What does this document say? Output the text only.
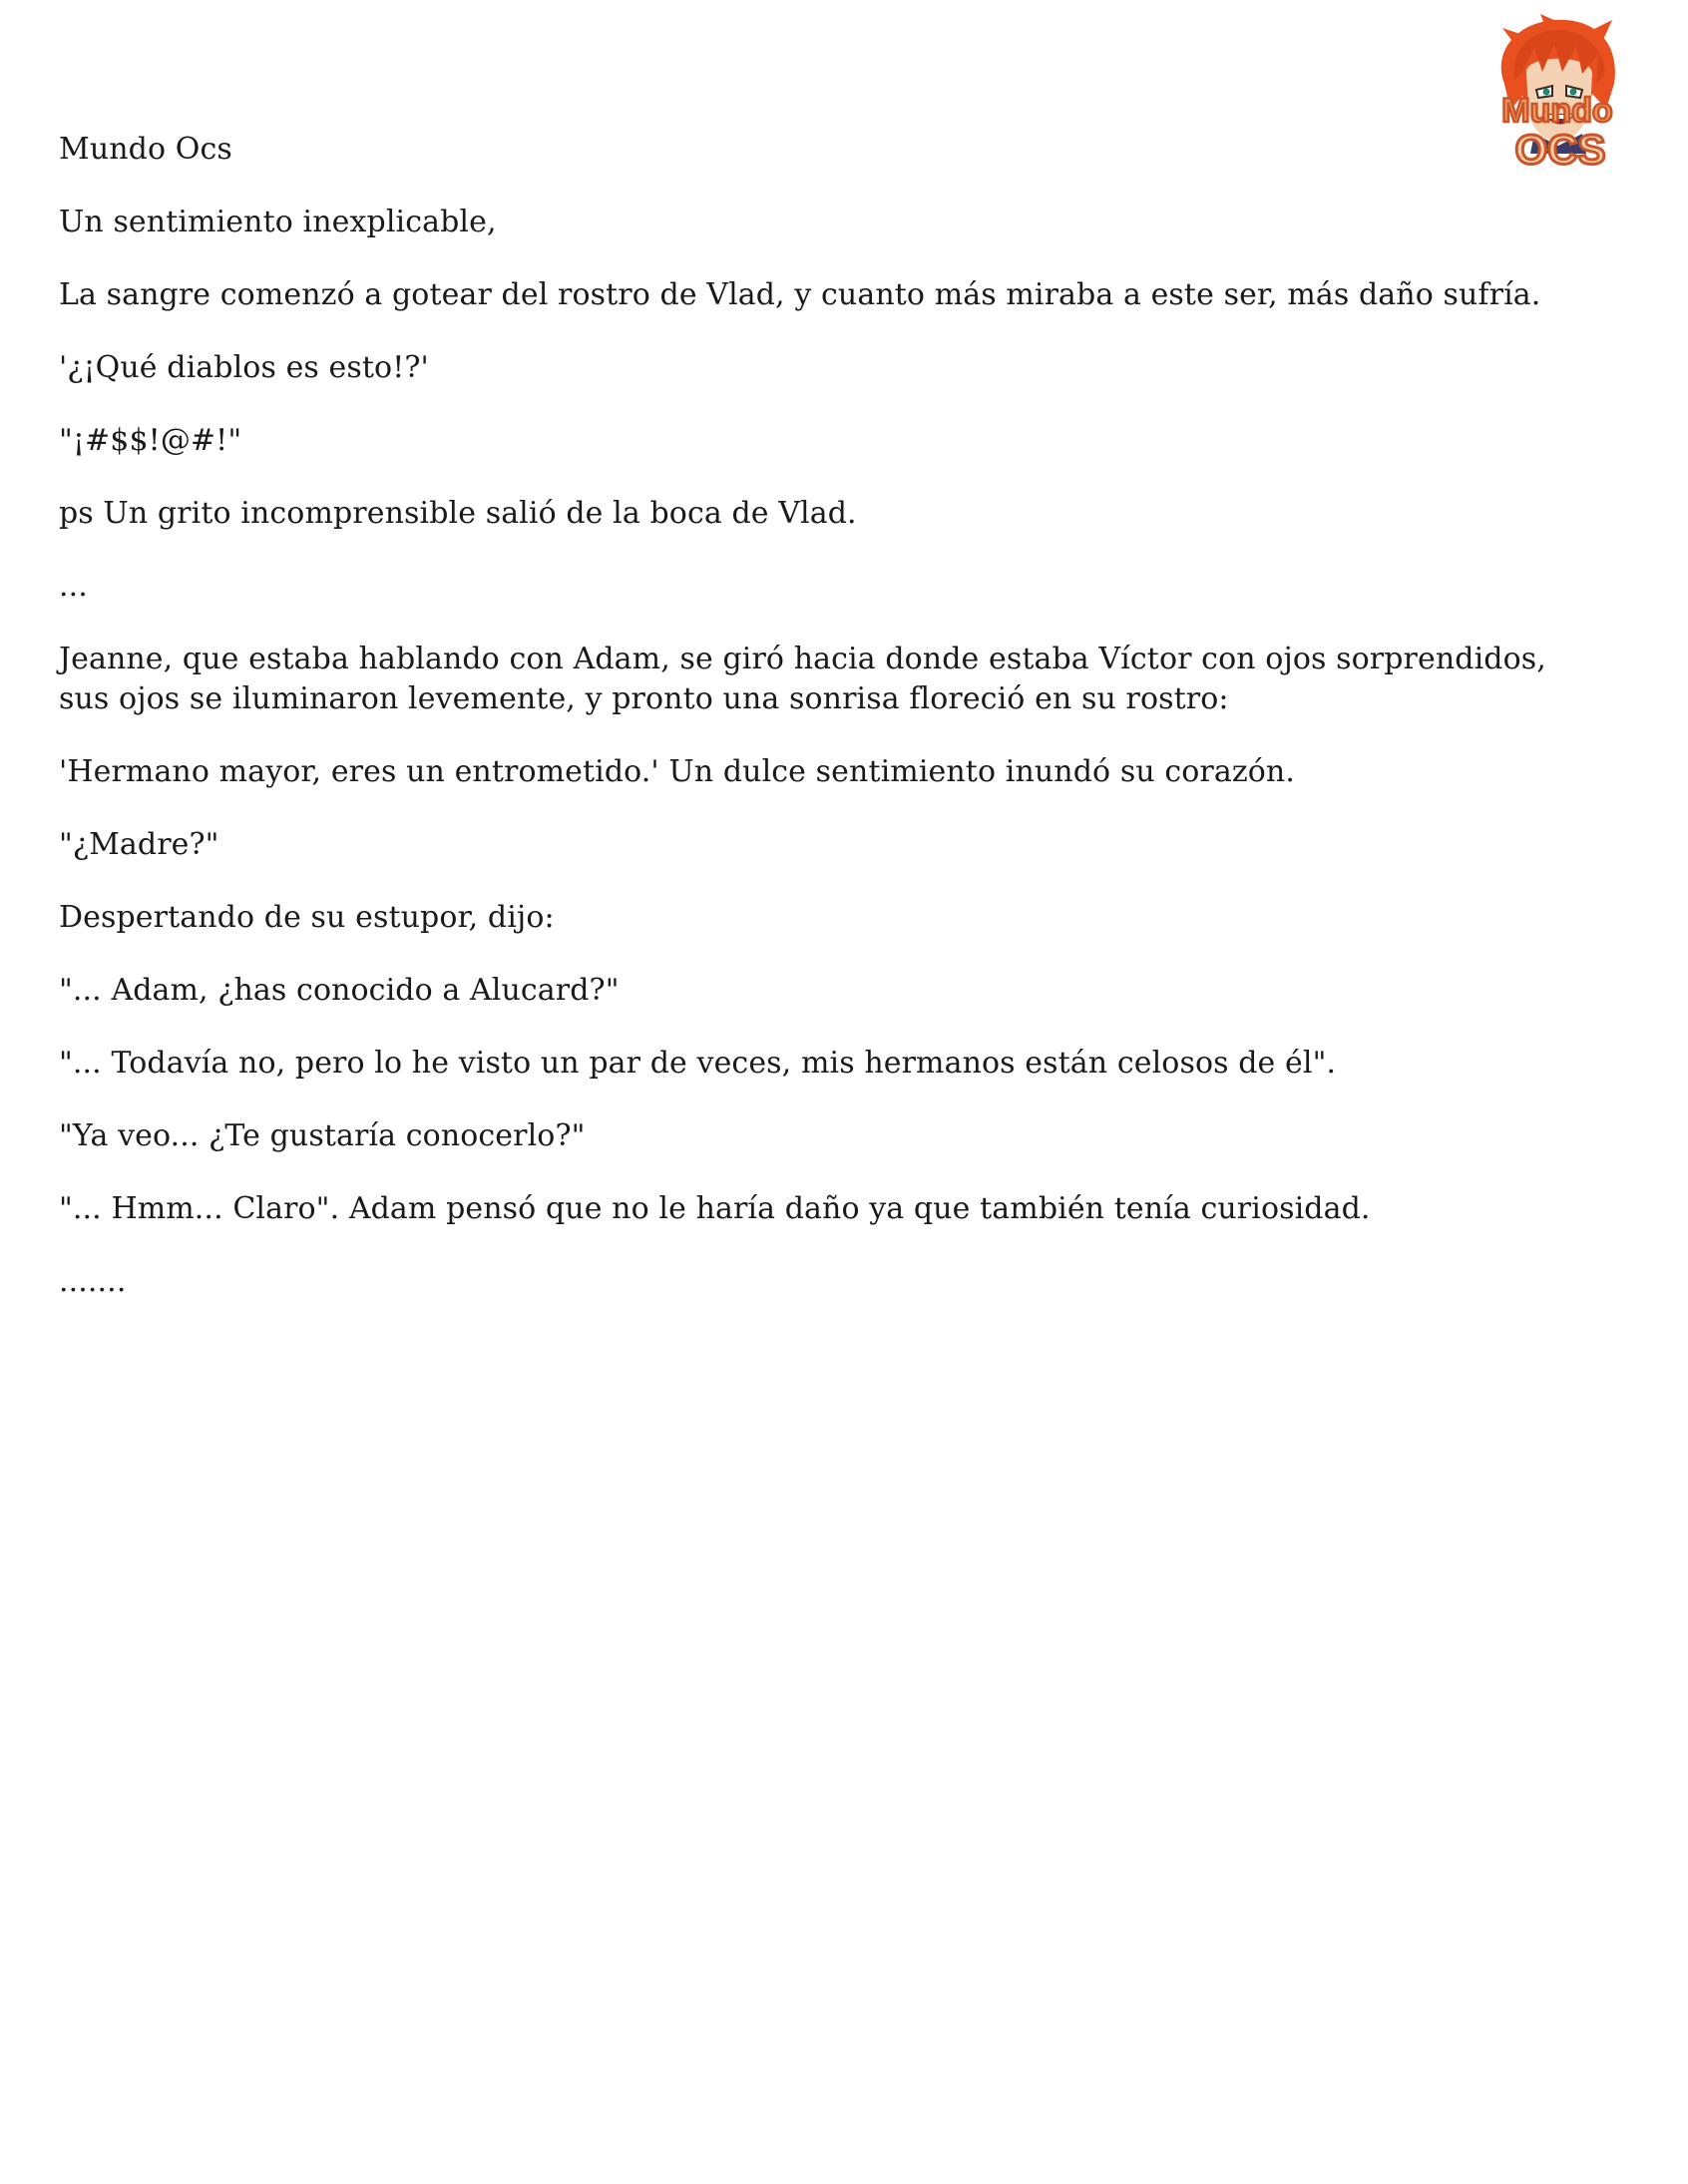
Mundo
OCS

Mundo Ocs

Un sentimiento inexplicable,

La sangre comenzó a gotear del rostro de Vlad, y cuanto más miraba a este ser, más daño sufría.

'¿¡Qué diablos es esto!?'

"¡#$$!@#!"

ps Un grito incomprensible salió de la boca de Vlad.

...

Jeanne, que estaba hablando con Adam, se giró hacia donde estaba Víctor con ojos sorprendidos, sus ojos se iluminaron levemente, y pronto una sonrisa floreció en su rostro:

'Hermano mayor, eres un entrometido.' Un dulce sentimiento inundó su corazón.

"¿Madre?"

Despertando de su estupor, dijo:

"... Adam, ¿has conocido a Alucard?"

"... Todavía no, pero lo he visto un par de veces, mis hermanos están celosos de él".

"Ya veo... ¿Te gustaría conocerlo?"

"... Hmm... Claro". Adam pensó que no le haría daño ya que también tenía curiosidad.

.......
